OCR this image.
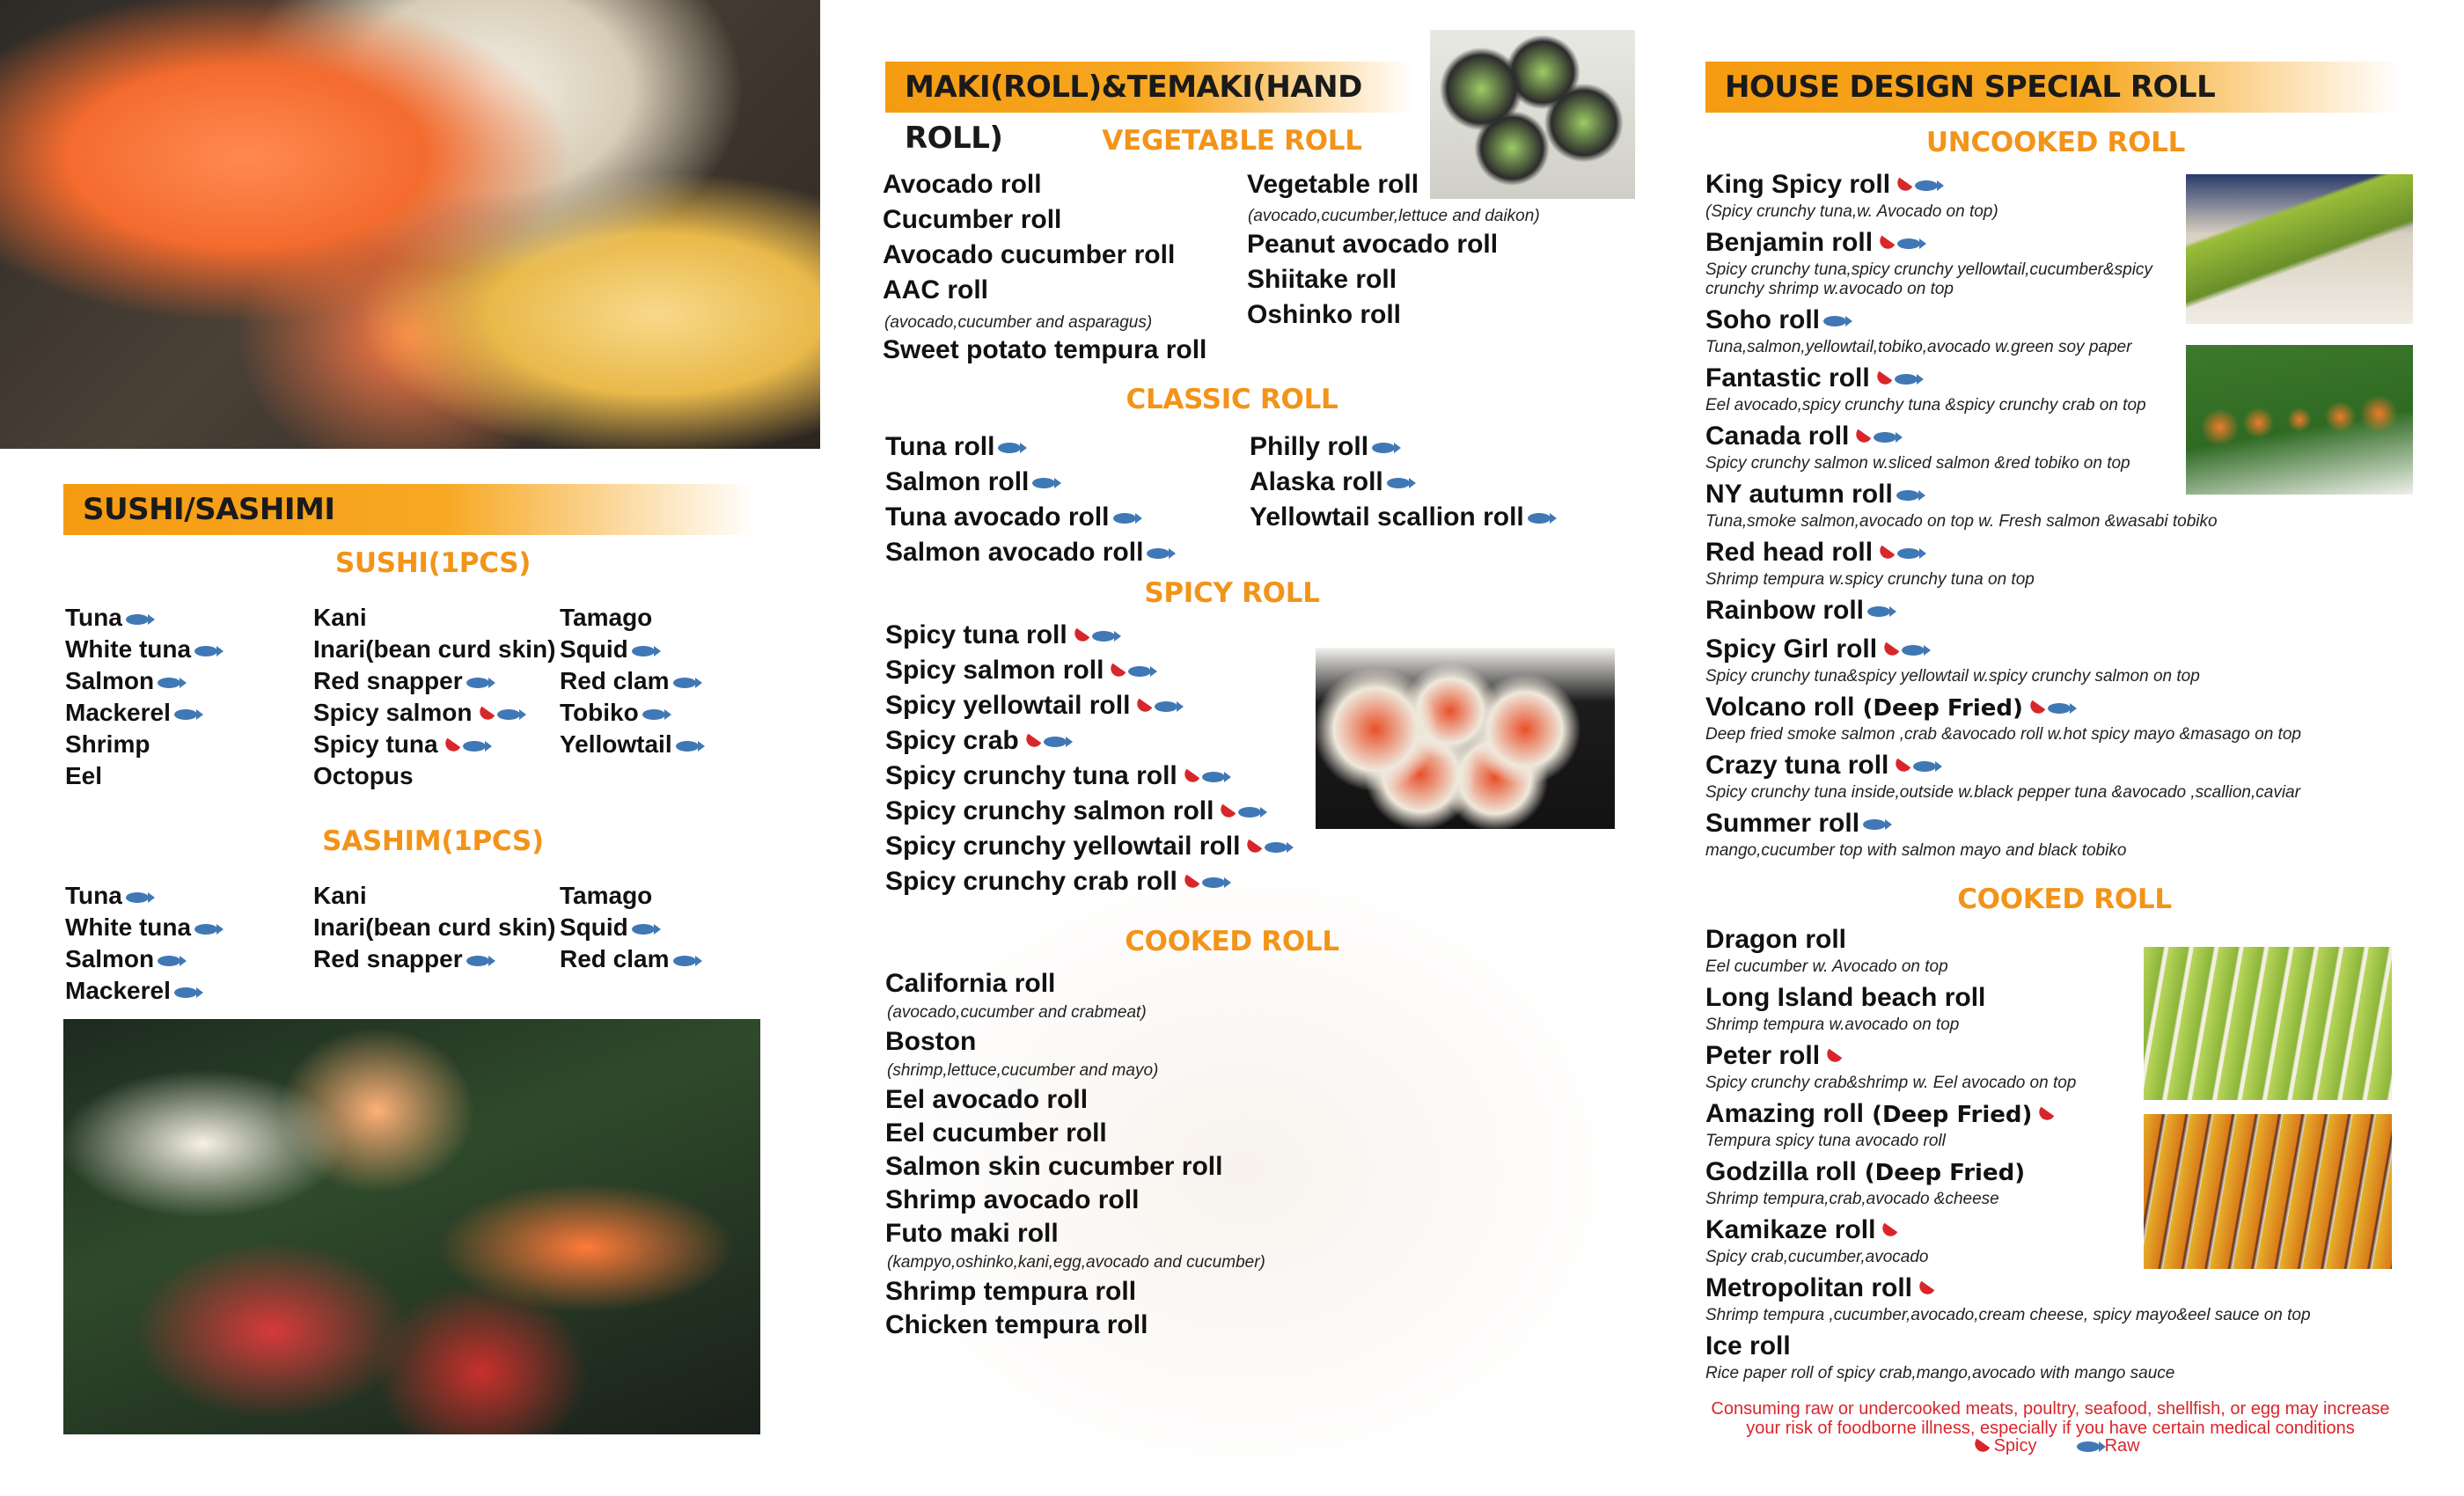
SUSHI/SASHIMI
SUSHI(1PCS)
SASHIM(1PCS)
Tuna	Kani	Tamago
White tuna	Inari(bean curd skin) Squid
Salmon	Red snapper	Red clam
Mackerel	Spicy salmon	Tobiko
Shrimp	Spicy tuna	Yellowtail
Eel	Octopus
Tuna	Kani	Tamago
White tuna	Inari(bean curd skin) Squid
Salmon	Red snapper	Red clam
Mackerel
MAKI(ROLL)&TEMAKI(HAND ROLL)	VEGETABLE ROLL
Avocado roll
Cucumber roll
Avocado cucumber roll
AAC roll
(avocado,cucumber and asparagus)
Sweet potato tempura roll
Vegetable roll
(avocado,cucumber,lettuce and daikon)
Peanut avocado roll
Shiitake roll
Oshinko roll
CLASSIC ROLL
Tuna roll
Salmon roll
Tuna avocado roll
Salmon avocado roll
Philly roll
Alaska roll
Yellowtail scallion roll
SPICY ROLL
Spicy tuna roll
Spicy salmon roll
Spicy yellowtail roll
Spicy crab
Spicy crunchy tuna roll
Spicy crunchy salmon roll
Spicy crunchy yellowtail roll
Spicy crunchy crab roll
COOKED ROLL
California roll
(avocado,cucumber and crabmeat)
Boston
(shrimp,lettuce,cucumber and mayo)
Eel avocado roll
Eel cucumber roll
Salmon skin cucumber roll
Shrimp avocado roll
Futo maki roll
(kampyo,oshinko,kani,egg,avocado and cucumber)
Shrimp tempura roll
Chicken tempura roll
HOUSE DESIGN SPECIAL ROLL
UNCOOKED ROLL
King Spicy roll
(Spicy crunchy tuna,w. Avocado on top)
Benjamin roll
Spicy crunchy tuna,spicy crunchy yellowtail,cucumber&spicy
crunchy shrimp w.avocado on top
Soho roll
Tuna,salmon,yellowtail,tobiko,avocado w.green soy paper
Fantastic roll
Eel avocado,spicy crunchy tuna &spicy crunchy crab on top
Canada roll
Spicy crunchy salmon w.sliced salmon &red tobiko on top
NY autumn roll
Tuna,smoke salmon,avocado on top w. Fresh salmon &wasabi tobiko
Red head roll
Shrimp tempura w.spicy crunchy tuna on top
Rainbow roll
Spicy Girl roll
Spicy crunchy tuna&spicy yellowtail w.spicy crunchy salmon on top
Volcano roll (Deep Fried)
Deep fried smoke salmon ,crab &avocado roll w.hot spicy mayo &masago on top
Crazy tuna roll
Spicy crunchy tuna inside,outside w.black pepper tuna &avocado ,scallion,caviar
Summer roll
mango,cucumber top with salmon mayo and black tobiko
COOKED ROLL
Dragon roll
Eel cucumber w. Avocado on top
Long Island beach roll
Shrimp tempura w.avocado on top
Peter roll
Spicy crunchy crab&shrimp w. Eel avocado on top
Amazing roll (Deep Fried)
Tempura spicy tuna avocado roll
Godzilla roll (Deep Fried)
Shrimp tempura,crab,avocado &cheese
Kamikaze roll
Spicy crab,cucumber,avocado
Metropolitan roll
Shrimp tempura ,cucumber,avocado,cream cheese, spicy mayo&eel sauce on top
Ice roll
Rice paper roll of spicy crab,mango,avocado with mango sauce
Consuming raw or undercooked meats, poultry, seafood, shellfish, or egg may increase
your risk of foodborne illness, especially if you have certain medical conditions
Spicy	Raw
